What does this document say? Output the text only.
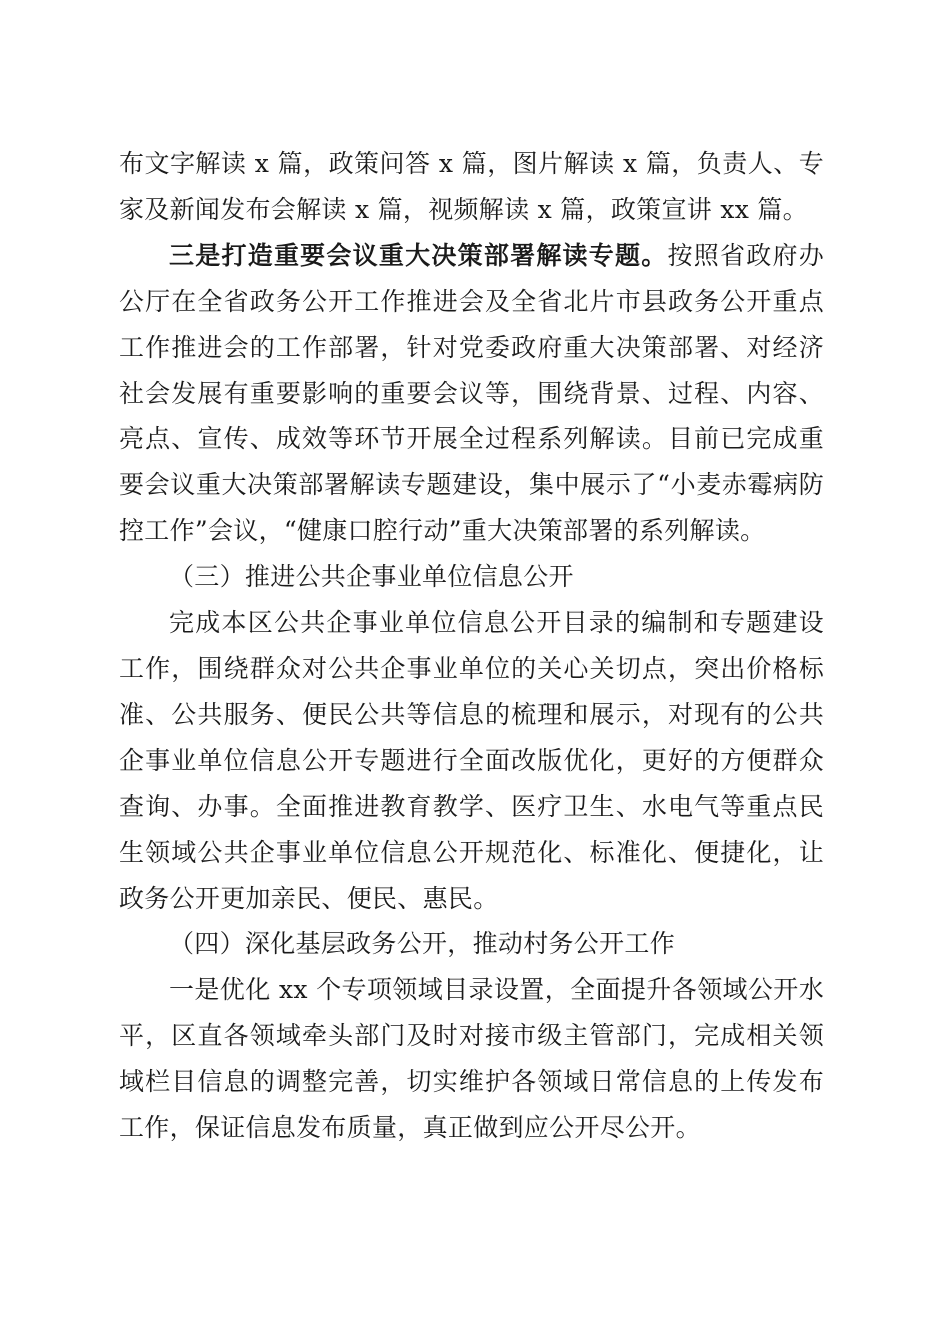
布文字解读 x 篇，政策问答 x 篇，图片解读 x 篇，负责人、专家及新闻发布会解读 x 篇，视频解读 x 篇，政策宣讲 xx 篇。

三是打造重要会议重大决策部署解读专题。按照省政府办公厅在全省政务公开工作推进会及全省北片市县政务公开重点工作推进会的工作部署，针对党委政府重大决策部署、对经济社会发展有重要影响的重要会议等，围绕背景、过程、内容、亮点、宣传、成效等环节开展全过程系列解读。目前已完成重要会议重大决策部署解读专题建设，集中展示了“小麦赤霉病防控工作”会议，“健康口腔行动”重大决策部署的系列解读。

（三）推进公共企事业单位信息公开

完成本区公共企事业单位信息公开目录的编制和专题建设工作，围绕群众对公共企事业单位的关心关切点，突出价格标准、公共服务、便民公共等信息的梳理和展示，对现有的公共企事业单位信息公开专题进行全面改版优化，更好的方便群众查询、办事。全面推进教育教学、医疗卫生、水电气等重点民生领域公共企事业单位信息公开规范化、标准化、便捷化，让政务公开更加亲民、便民、惠民。

（四）深化基层政务公开，推动村务公开工作

一是优化 xx 个专项领域目录设置，全面提升各领域公开水平，区直各领域牵头部门及时对接市级主管部门，完成相关领域栏目信息的调整完善，切实维护各领域日常信息的上传发布工作，保证信息发布质量，真正做到应公开尽公开。
